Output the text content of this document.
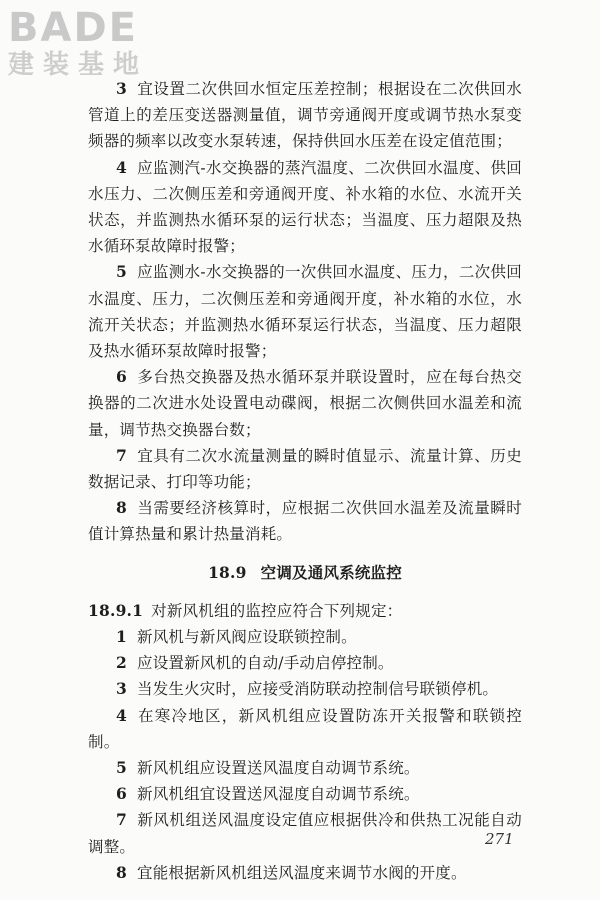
BADE
建装基地

3 宜设置二次供回水恒定压差控制；根据设在二次供回水管道上的差压变送器测量值，调节旁通阀开度或调节热水泵变频器的频率以改变水泵转速，保持供回水压差在设定值范围；

4 应监测汽-水交换器的蒸汽温度、二次供回水温度、供回水压力、二次侧压差和旁通阀开度、补水箱的水位、水流开关状态，并监测热水循环泵的运行状态；当温度、压力超限及热水循环泵故障时报警；

5 应监测水-水交换器的一次供回水温度、压力，二次供回水温度、压力，二次侧压差和旁通阀开度，补水箱的水位，水流开关状态；并监测热水循环泵运行状态，当温度、压力超限及热水循环泵故障时报警；

6 多台热交换器及热水循环泵并联设置时，应在每台热交换器的二次进水处设置电动碟阀，根据二次侧供回水温差和流量，调节热交换器台数；

7 宜具有二次水流量测量的瞬时值显示、流量计算、历史数据记录、打印等功能；

8 当需要经济核算时，应根据二次供回水温差及流量瞬时值计算热量和累计热量消耗。

18.9 空调及通风系统监控

18.9.1 对新风机组的监控应符合下列规定：

1 新风机与新风阀应设联锁控制。

2 应设置新风机的自动/手动启停控制。

3 当发生火灾时，应接受消防联动控制信号联锁停机。

4 在寒冷地区，新风机组应设置防冻开关报警和联锁控制。

5 新风机组应设置送风温度自动调节系统。

6 新风机组宜设置送风湿度自动调节系统。

7 新风机组送风温度设定值应根据供冷和供热工况能自动调整。

8 宜能根据新风机组送风温度来调节水阀的开度。

271
